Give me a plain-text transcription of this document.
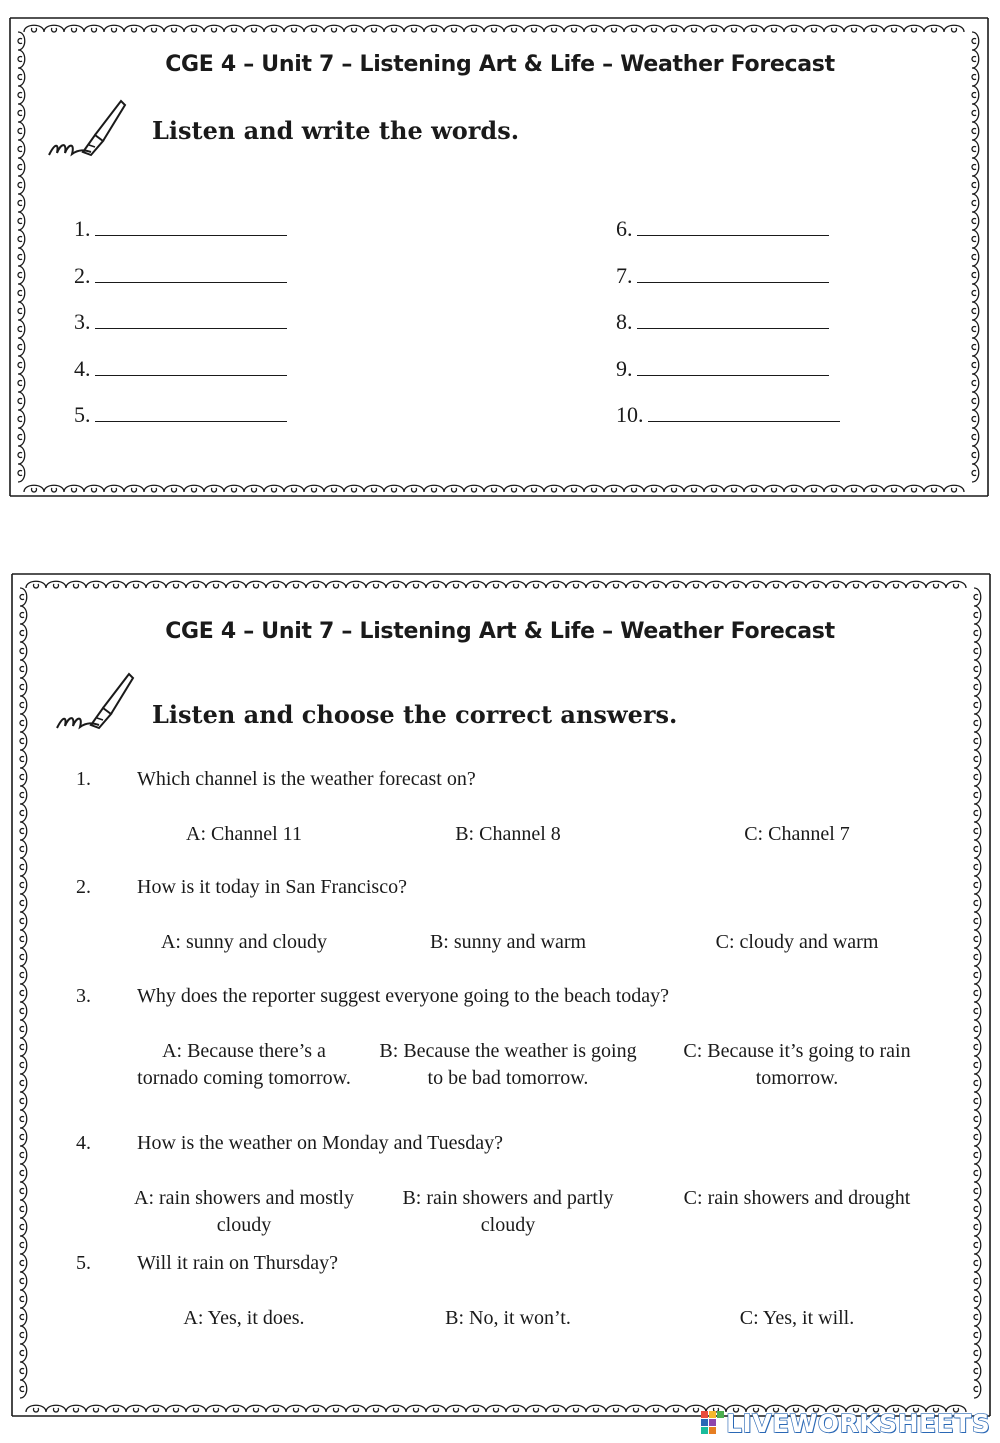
CGE 4 – Unit 7 – Listening Art & Life – Weather Forecast
Listen and write the words.
1.
2.
3.
4.
5.
6.
7.
8.
9.
10.
CGE 4 – Unit 7 – Listening Art & Life – Weather Forecast
Listen and choose the correct answers.
1. Which channel is the weather forecast on?
A: Channel 11	B: Channel 8	C: Channel 7
2. How is it today in San Francisco?
A: sunny and cloudy	B: sunny and warm	C: cloudy and warm
3. Why does the reporter suggest everyone going to the beach today?
A: Because there’s a tornado coming tomorrow.
B: Because the weather is going to be bad tomorrow.
C: Because it’s going to rain tomorrow.
4. How is the weather on Monday and Tuesday?
A: rain showers and mostly cloudy
B: rain showers and partly cloudy
C: rain showers and drought
5. Will it rain on Thursday?
A: Yes, it does.	B: No, it won’t.	C: Yes, it will.
LIVEWORKSHEETS
